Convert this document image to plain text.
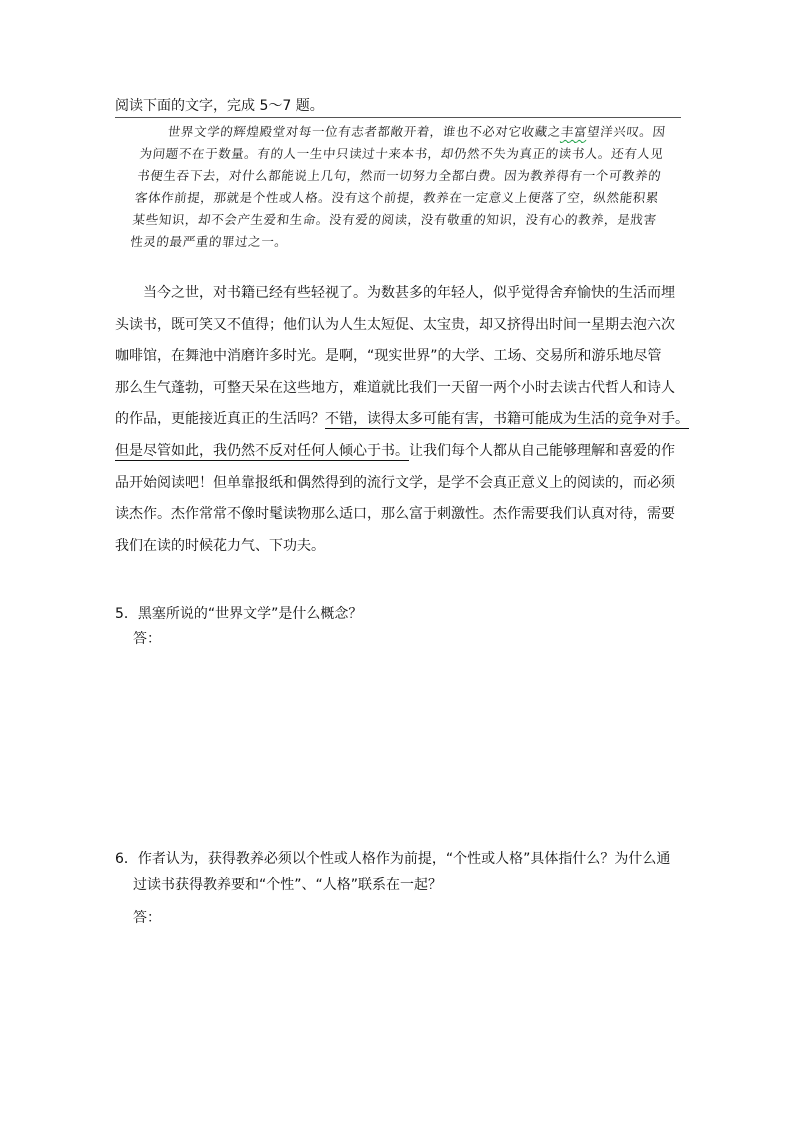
阅读下面的文字，完成 5～7 题。
世界文学的辉煌殿堂对每一位有志者都敞开着，谁也不必对它收藏之丰富望洋兴叹。因
为问题不在于数量。有的人一生中只读过十来本书，却仍然不失为真正的读书人。还有人见
书便生吞下去，对什么都能说上几句，然而一切努力全都白费。因为教养得有一个可教养的
客体作前提，那就是个性或人格。没有这个前提，教养在一定意义上便落了空，纵然能积累
某些知识，却不会产生爱和生命。没有爱的阅读，没有敬重的知识，没有心的教养，是戕害
性灵的最严重的罪过之一。
当今之世，对书籍已经有些轻视了。为数甚多的年轻人，似乎觉得舍弃愉快的生活而埋
头读书，既可笑又不值得；他们认为人生太短促、太宝贵，却又挤得出时间一星期去泡六次
咖啡馆，在舞池中消磨许多时光。是啊，“现实世界”的大学、工场、交易所和游乐地尽管
那么生气蓬勃，可整天呆在这些地方，难道就比我们一天留一两个小时去读古代哲人和诗人
的作品，更能接近真正的生活吗？不错，读得太多可能有害，书籍可能成为生活的竞争对手。
但是尽管如此，我仍然不反对任何人倾心于书。让我们每个人都从自己能够理解和喜爱的作
品开始阅读吧！但单靠报纸和偶然得到的流行文学，是学不会真正意义上的阅读的，而必须
读杰作。杰作常常不像时髦读物那么适口，那么富于刺激性。杰作需要我们认真对待，需要
我们在读的时候花力气、下功夫。
5．黑塞所说的“世界文学”是什么概念？
答：
6．作者认为，获得教养必须以个性或人格作为前提，“个性或人格”具体指什么？为什么通
过读书获得教养要和“个性”、“人格”联系在一起？
答：
